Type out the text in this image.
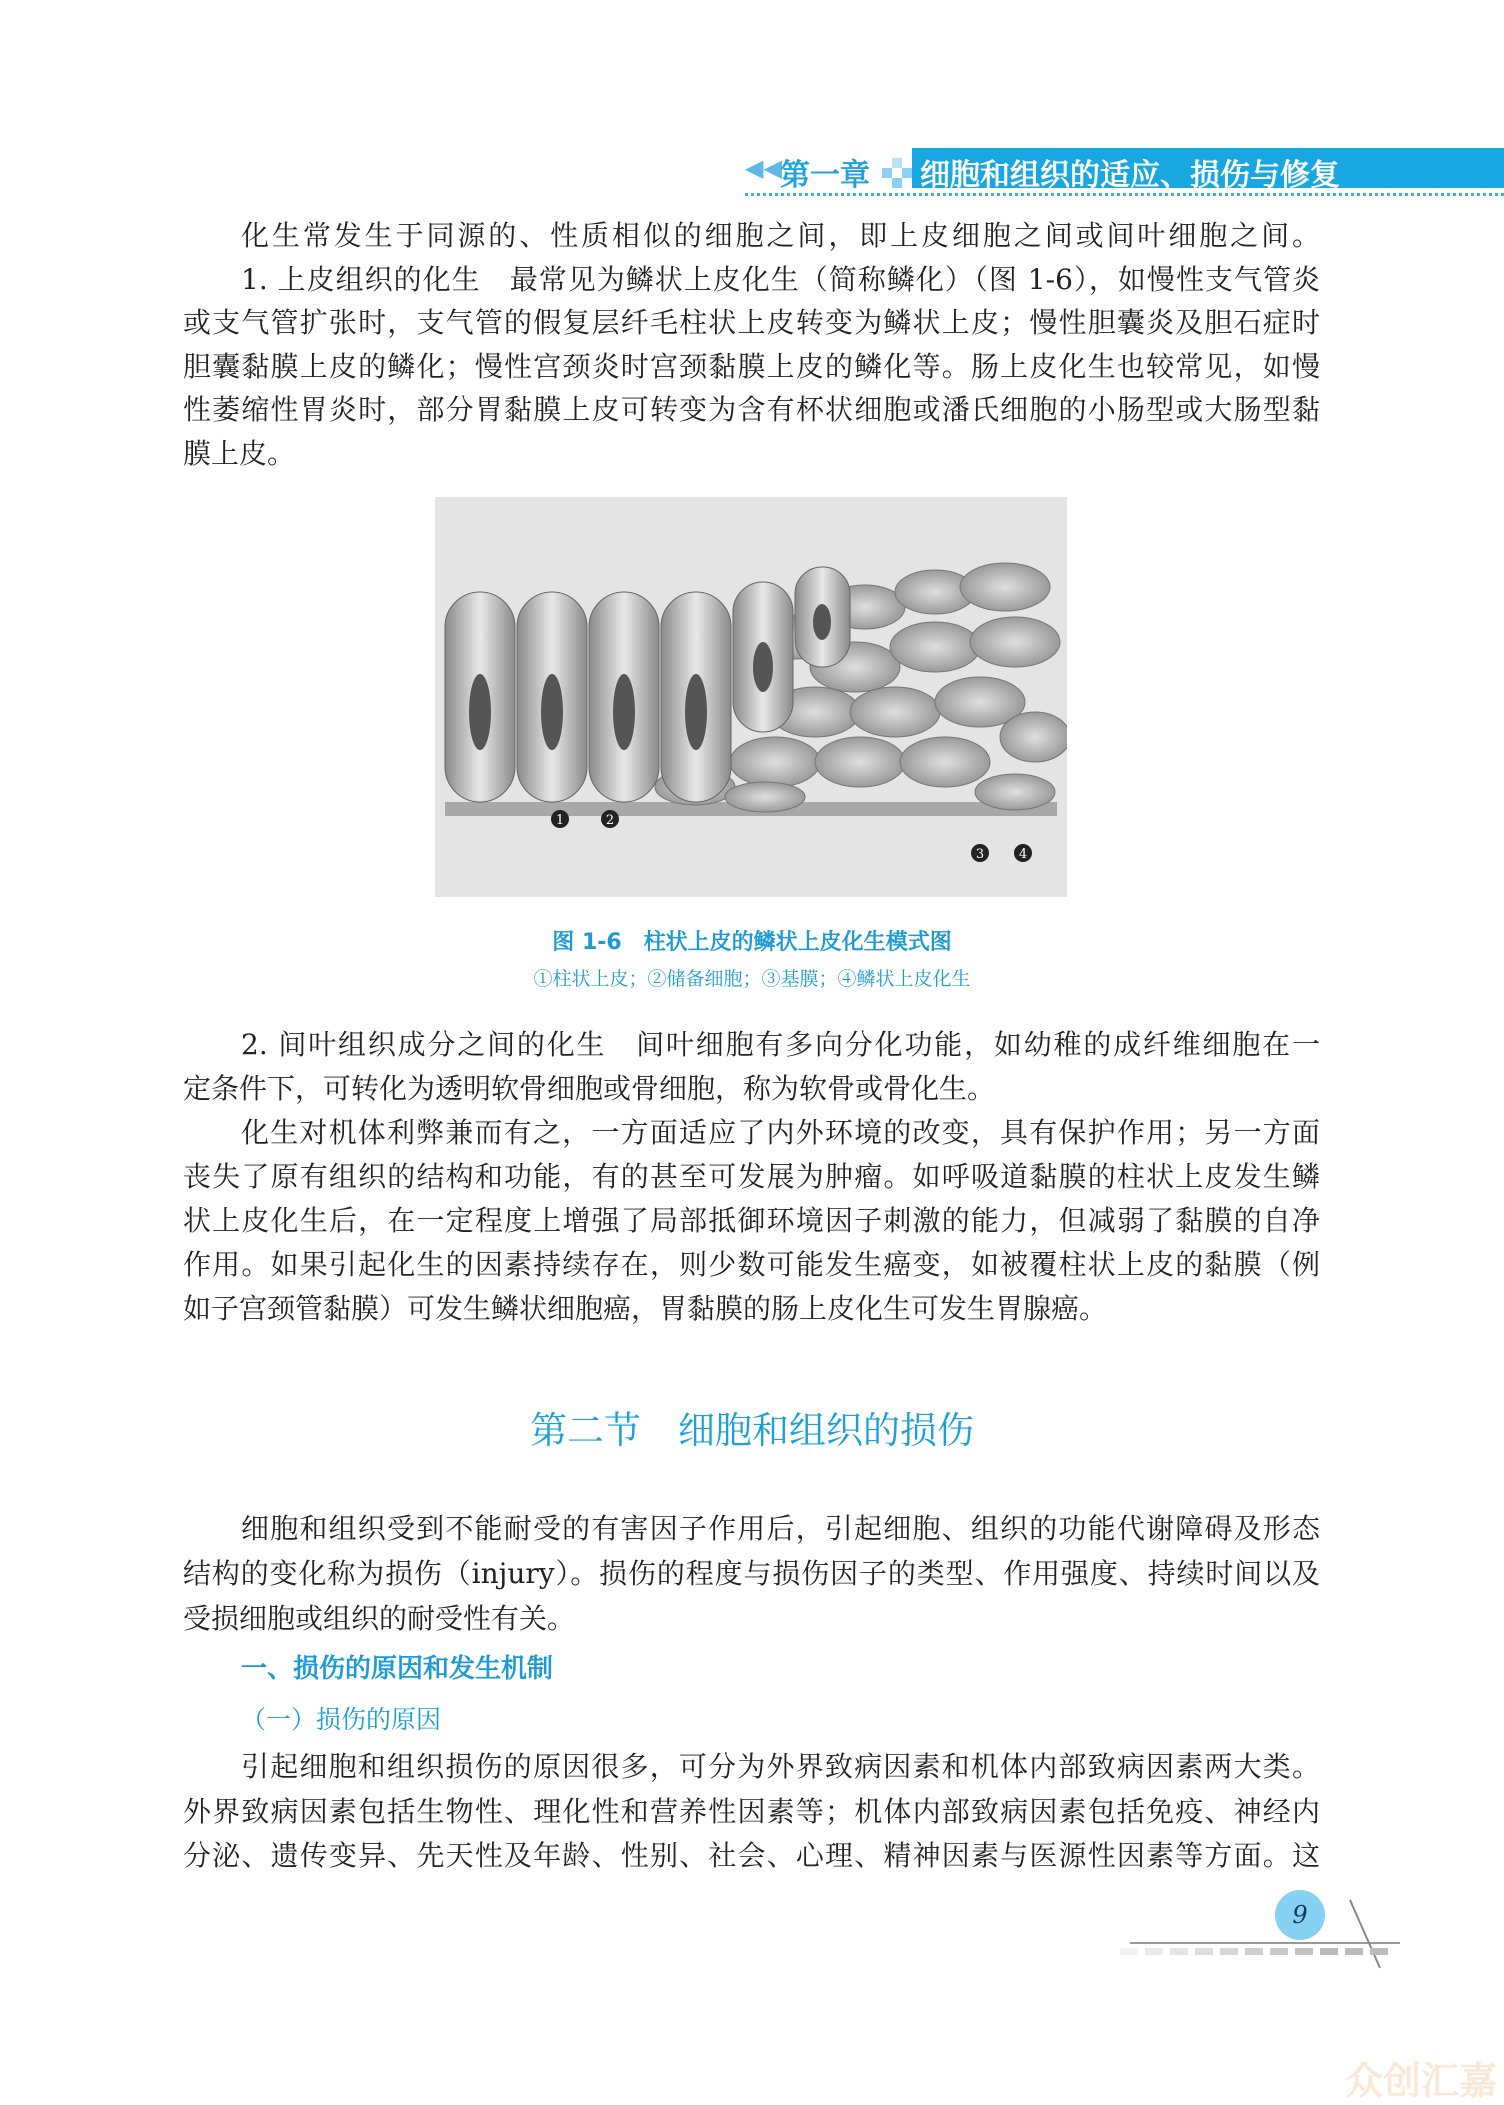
◀◀
第一章 细胞和组织的适应、损伤与修复
化生常发生于同源的、性质相似的细胞之间，即上皮细胞之间或间叶细胞之间。
1. 上皮组织的化生　最常见为鳞状上皮化生（简称鳞化）（图 1-6），如慢性支气管炎
或支气管扩张时，支气管的假复层纤毛柱状上皮转变为鳞状上皮；慢性胆囊炎及胆石症时
胆囊黏膜上皮的鳞化；慢性宫颈炎时宫颈黏膜上皮的鳞化等。肠上皮化生也较常见，如慢
性萎缩性胃炎时，部分胃黏膜上皮可转变为含有杯状细胞或潘氏细胞的小肠型或大肠型黏
膜上皮。
1	2
3	4
图 1-6　柱状上皮的鳞状上皮化生模式图
①柱状上皮；②储备细胞；③基膜；④鳞状上皮化生
2. 间叶组织成分之间的化生　间叶细胞有多向分化功能，如幼稚的成纤维细胞在一
定条件下，可转化为透明软骨细胞或骨细胞，称为软骨或骨化生。
化生对机体利弊兼而有之，一方面适应了内外环境的改变，具有保护作用；另一方面
丧失了原有组织的结构和功能，有的甚至可发展为肿瘤。如呼吸道黏膜的柱状上皮发生鳞
状上皮化生后，在一定程度上增强了局部抵御环境因子刺激的能力，但减弱了黏膜的自净
作用。如果引起化生的因素持续存在，则少数可能发生癌变，如被覆柱状上皮的黏膜（例
如子宫颈管黏膜）可发生鳞状细胞癌，胃黏膜的肠上皮化生可发生胃腺癌。
第二节　细胞和组织的损伤
细胞和组织受到不能耐受的有害因子作用后，引起细胞、组织的功能代谢障碍及形态
结构的变化称为损伤（injury）。损伤的程度与损伤因子的类型、作用强度、持续时间以及
受损细胞或组织的耐受性有关。
一、损伤的原因和发生机制
（一）损伤的原因
引起细胞和组织损伤的原因很多，可分为外界致病因素和机体内部致病因素两大类。
外界致病因素包括生物性、理化性和营养性因素等；机体内部致病因素包括免疫、神经内
分泌、遗传变异、先天性及年龄、性别、社会、心理、精神因素与医源性因素等方面。这
9
众创汇嘉
